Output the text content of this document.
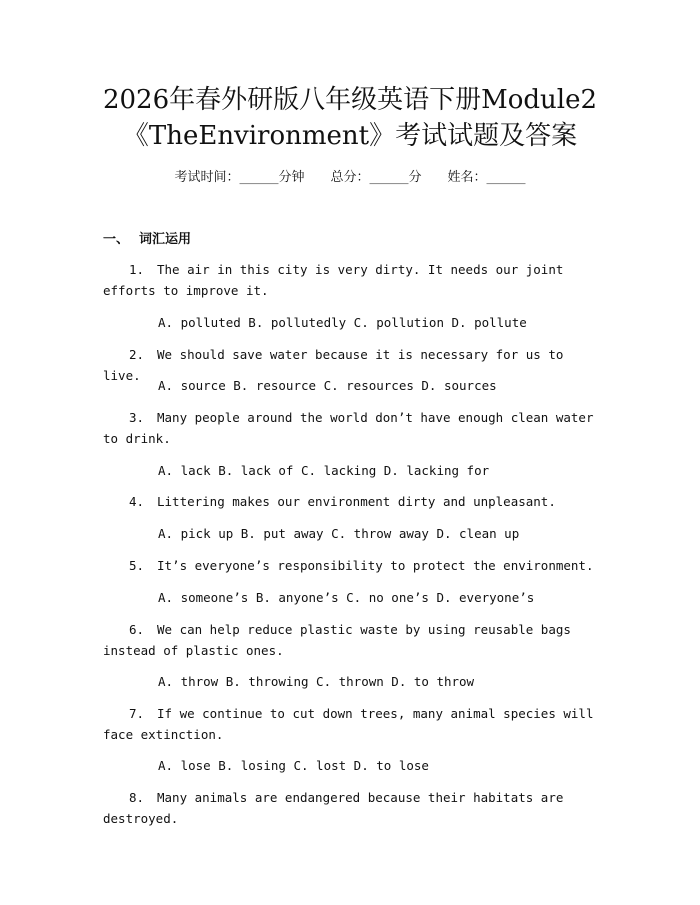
2026年春外研版八年级英语下册Module2
《TheEnvironment》考试试题及答案
考试时间：______分钟 总分：______分 姓名：______
一、 词汇运用
1. The air in this city is very dirty. It needs our joint efforts to improve it.
A. polluted B. pollutedly C. pollution D. pollute
2. We should save water because it is necessary for us to live.
A. source B. resource C. resources D. sources
3. Many people around the world don’t have enough clean water to drink.
A. lack B. lack of C. lacking D. lacking for
4. Littering makes our environment dirty and unpleasant.
A. pick up B. put away C. throw away D. clean up
5. It’s everyone’s responsibility to protect the environment.
A. someone’s B. anyone’s C. no one’s D. everyone’s
6. We can help reduce plastic waste by using reusable bags instead of plastic ones.
A. throw B. throwing C. thrown D. to throw
7. If we continue to cut down trees, many animal species will face extinction.
A. lose B. losing C. lost D. to lose
8. Many animals are endangered because their habitats are destroyed.
